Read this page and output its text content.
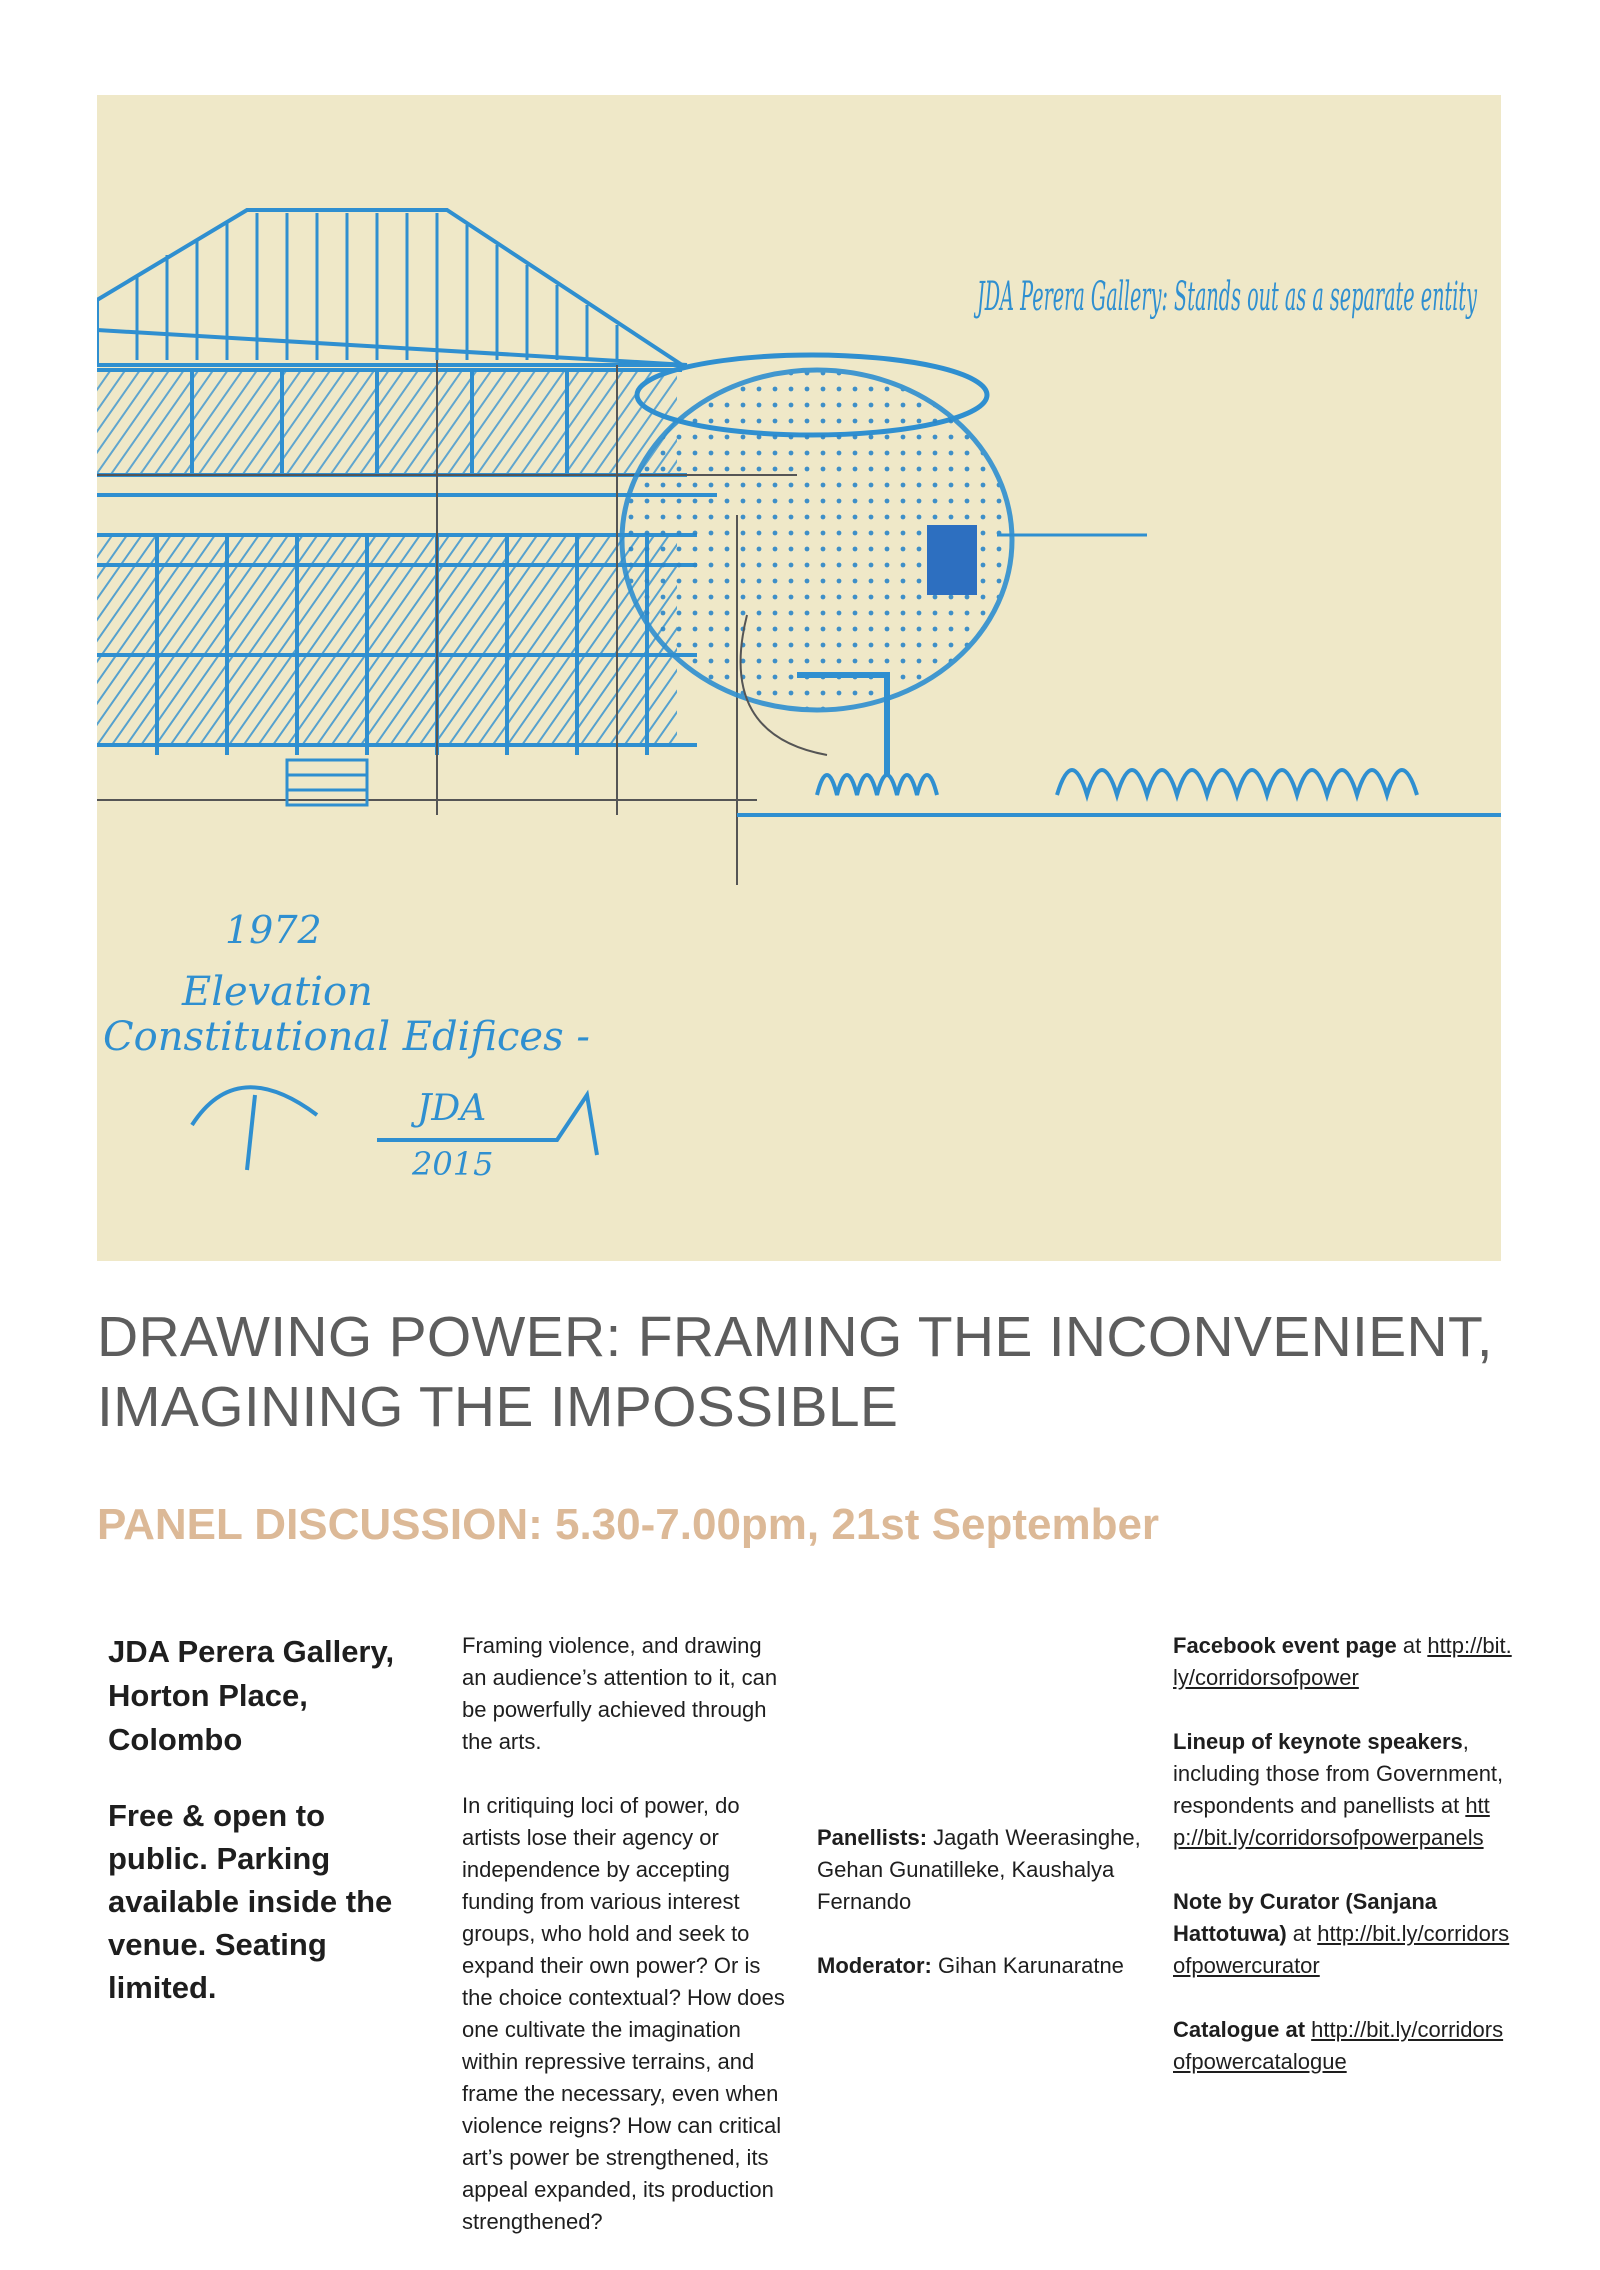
JDA Perera Gallery: Stands out as a separate entity
1972
Elevation
Constitutional Edifices -
JDA
2015
DRAWING POWER: FRAMING THE INCONVENIENT, IMAGINING THE IMPOSSIBLE
PANEL DISCUSSION: 5.30-7.00pm, 21st September

JDA Perera Gallery,
Horton Place,
Colombo

Free & open to public. Parking available inside the venue. Seating limited.

Framing violence, and drawing an audience’s attention to it, can be powerfully achieved through the arts.

In critiquing loci of power, do artists lose their agency or independence by accepting funding from various interest groups, who hold and seek to expand their own power? Or is the choice contextual? How does one cultivate the imagination within repressive terrains, and frame the necessary, even when violence reigns? How can critical art’s power be strengthened, its appeal expanded, its production strengthened?

Panellists: Jagath Weerasinghe, Gehan Gunatilleke, Kaushalya Fernando

Moderator: Gihan Karunaratne

Facebook event page at http://bit.ly/corridorsofpower

Lineup of keynote speakers, including those from Government, respondents and panellists at http://bit.ly/corridorsofpowerpanels

Note by Curator (Sanjana Hattotuwa) at http://bit.ly/corridorsofpowercurator

Catalogue at http://bit.ly/corridorsofpowercatalogue
